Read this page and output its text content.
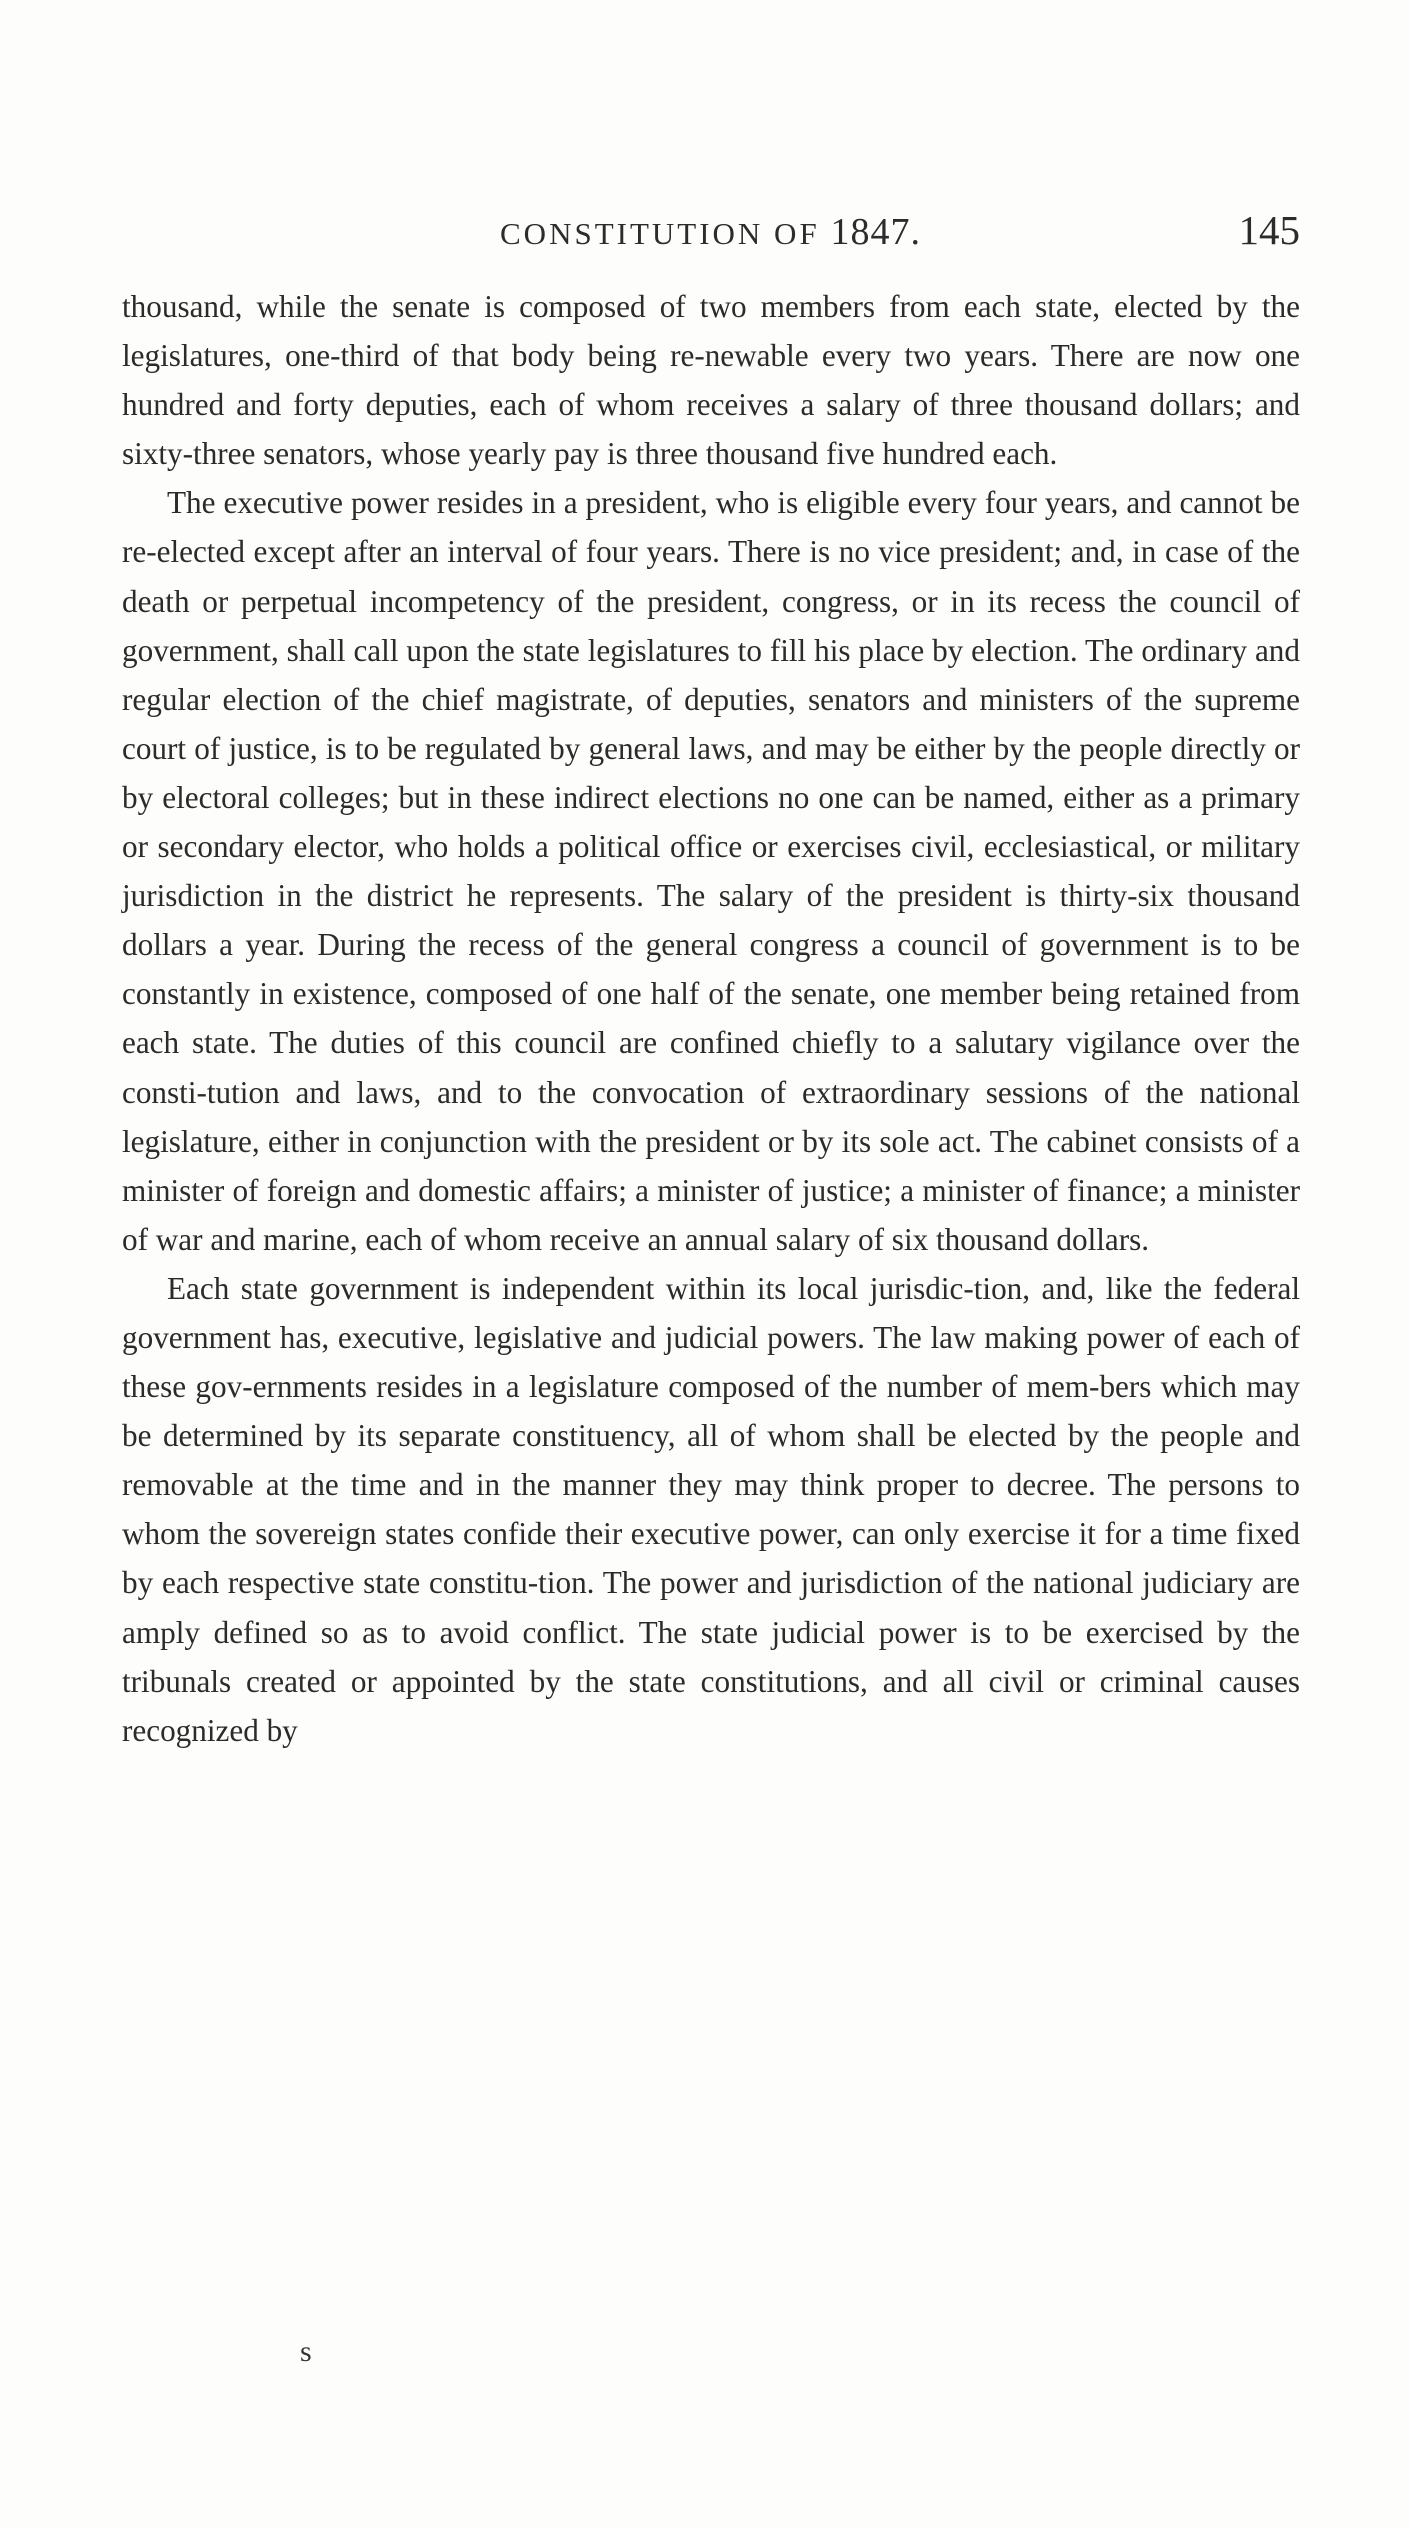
CONSTITUTION OF 1847.	145

thousand, while the senate is composed of two members from each state, elected by the legislatures, one-third of that body being re-newable every two years. There are now one hundred and forty deputies, each of whom receives a salary of three thousand dollars; and sixty-three senators, whose yearly pay is three thousand five hundred each.

The executive power resides in a president, who is eligible every four years, and cannot be re-elected except after an interval of four years. There is no vice president; and, in case of the death or perpetual incompetency of the president, congress, or in its recess the council of government, shall call upon the state legislatures to fill his place by election. The ordinary and regular election of the chief magistrate, of deputies, senators and ministers of the supreme court of justice, is to be regulated by general laws, and may be either by the people directly or by electoral colleges; but in these indirect elections no one can be named, either as a primary or secondary elector, who holds a political office or exercises civil, ecclesiastical, or military jurisdiction in the district he represents. The salary of the president is thirty-six thousand dollars a year. During the recess of the general congress a council of government is to be constantly in existence, composed of one half of the senate, one member being retained from each state. The duties of this council are confined chiefly to a salutary vigilance over the consti-tution and laws, and to the convocation of extraordinary sessions of the national legislature, either in conjunction with the president or by its sole act. The cabinet consists of a minister of foreign and domestic affairs; a minister of justice; a minister of finance; a minister of war and marine, each of whom receive an annual salary of six thousand dollars.

Each state government is independent within its local jurisdic-tion, and, like the federal government has, executive, legislative and judicial powers. The law making power of each of these gov-ernments resides in a legislature composed of the number of mem-bers which may be determined by its separate constituency, all of whom shall be elected by the people and removable at the time and in the manner they may think proper to decree. The persons to whom the sovereign states confide their executive power, can only exercise it for a time fixed by each respective state constitu-tion. The power and jurisdiction of the national judiciary are amply defined so as to avoid conflict. The state judicial power is to be exercised by the tribunals created or appointed by the state constitutions, and all civil or criminal causes recognized by

s
